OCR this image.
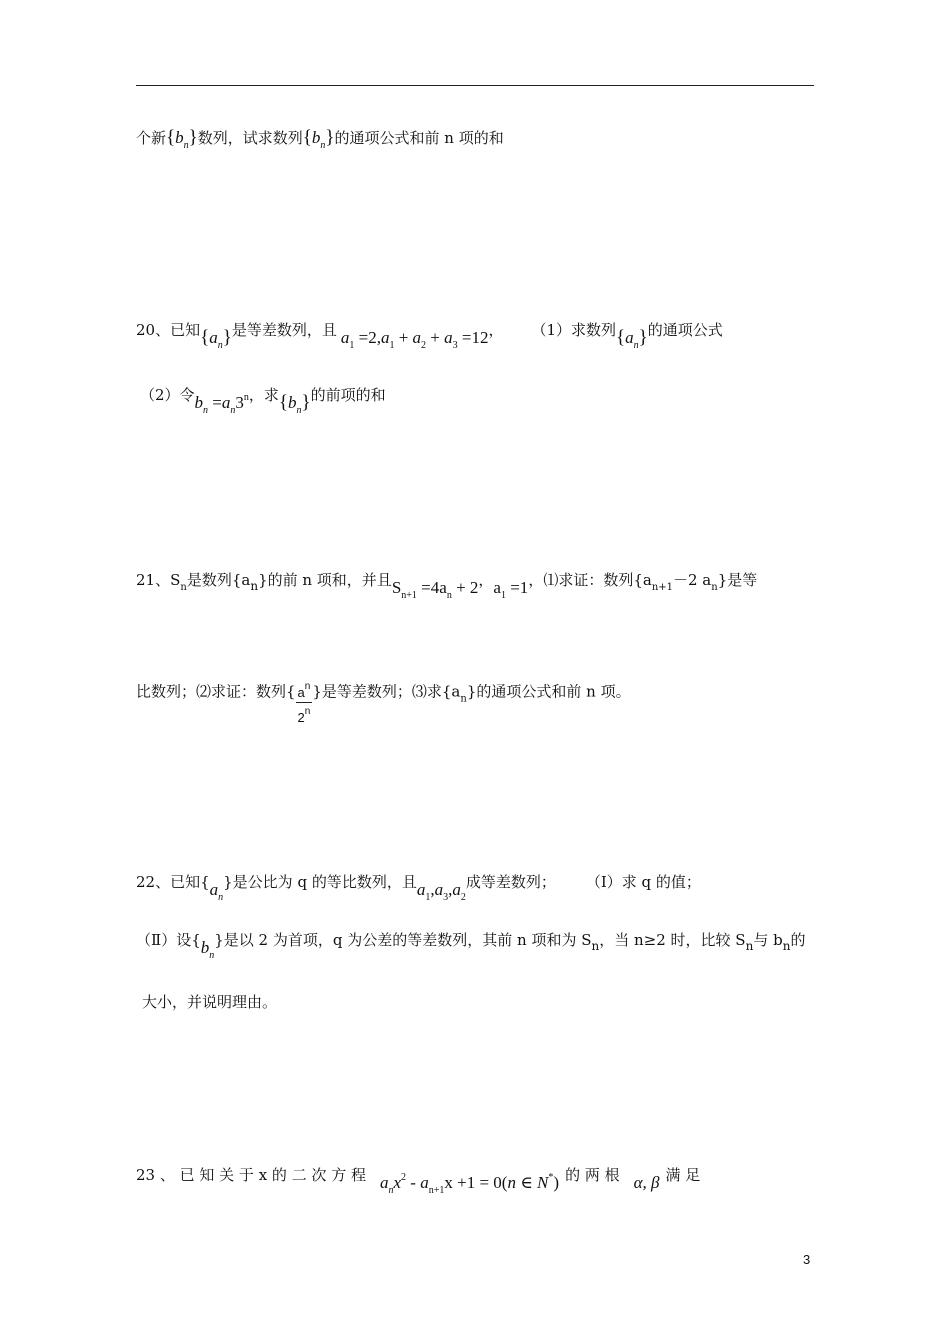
个新$\{b_n\}$数列，试求数列$\{b_n\}$的通项公式和前 n 项的和
20、已知$\{a_n\}$是等差数列，且 $a_1 =2,a_1 + a_2 + a_3 =12$， （1）求数列$\{a_n\}$的通项公式
（2）令$b_n =a_n3^n$，求$\{b_n\}$的前项的和
21、$S_n$是数列$\{a_n\}$的前 n 项和，并且$S_{n+1} =4a_n + 2$，$a_1 =1$，⑴求证：数列{$a_{n+1}-2$ $a_n$}是等
比数列；⑵求证：数列{ $\frac{a^n}{2^n}$ }是等差数列；⑶求$\{a_n\}$的通项公式和前 n 项。
22、已知$\{a_n\}$是公比为 q 的等比数列，且$a_1,a_3,a_2$成等差数列； （Ⅰ）求 q 的值；
（Ⅱ）设$\{b_n\}$是以 2 为首项，q 为公差的等差数列，其前 n 项和为 $S_n$，当 n≥2 时，比较 $S_n$与 $b_n$的
大小，并说明理由。
23 、 已 知 关 于 x 的 二 次 方 程 $a_nx^2 - a_{n+1}x +1 = 0(n$ ∈ N*) 的 两 根 α, β 满 足
3
